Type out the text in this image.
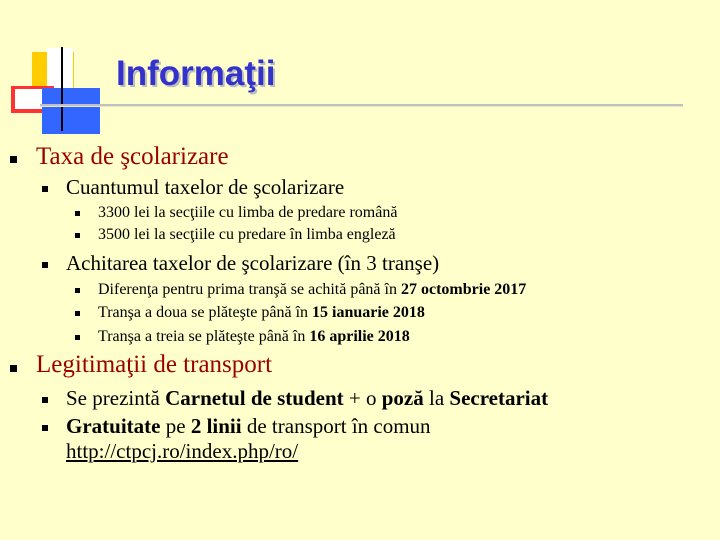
Informaţii
Taxa de şcolarizare
Cuantumul taxelor de şcolarizare
3300 lei la secţiile cu limba de predare română
3500 lei la secţiile cu predare în limba engleză
Achitarea taxelor de şcolarizare (în 3 tranşe)
Diferenţa pentru prima tranşă se achită până în 27 octombrie 2017
Tranşa a doua se plăteşte până în 15 ianuarie 2018
Tranşa a treia se plăteşte până în 16 aprilie 2018
Legitimaţii de transport
Se prezintă Carnetul de student + o poză la Secretariat
Gratuitate pe 2 linii de transport în comun
http://ctpcj.ro/index.php/ro/
